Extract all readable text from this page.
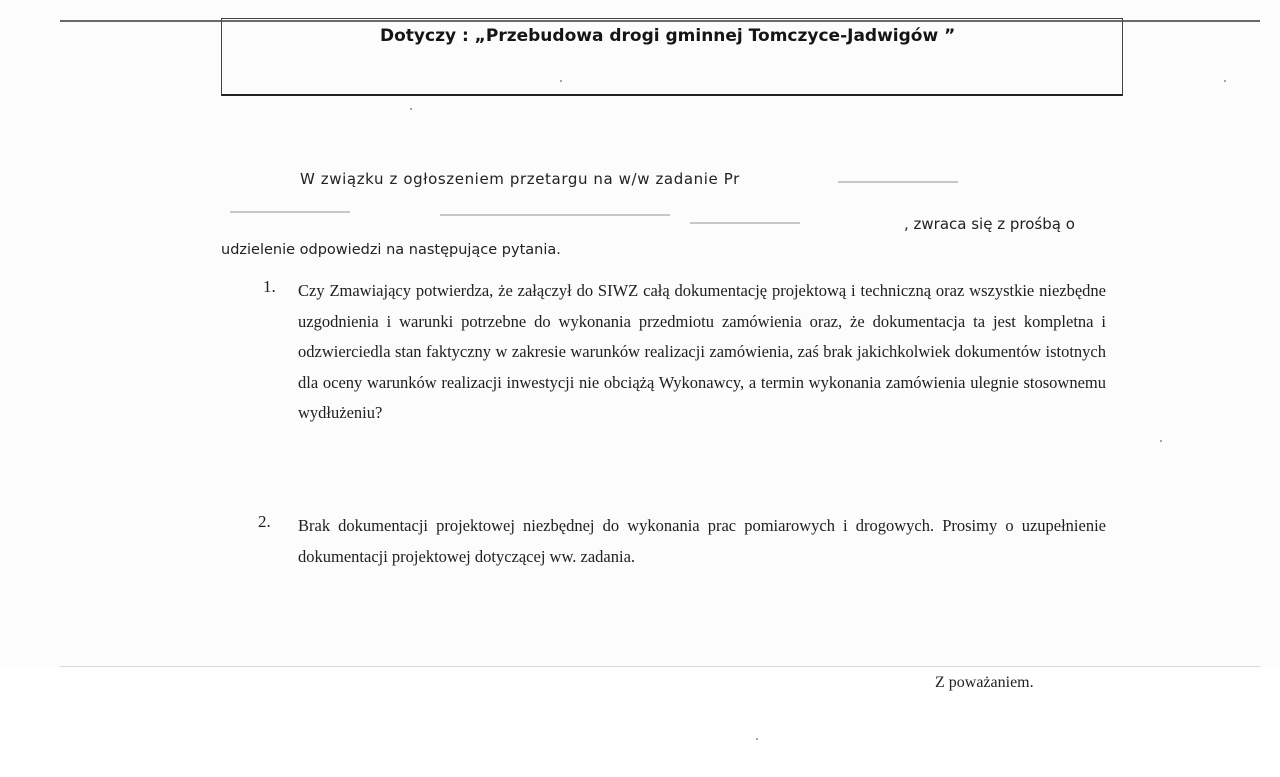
Dotyczy : „Przebudowa drogi gminnej Tomczyce-Jadwigów ”
W związku z ogłoszeniem przetargu na w/w zadanie Pr
, zwraca się z prośbą o
udzielenie odpowiedzi na następujące pytania.
1. Czy Zmawiający potwierdza, że załączył do SIWZ całą dokumentację projektową i techniczną oraz wszystkie niezbędne uzgodnienia i warunki potrzebne do wykonania przedmiotu zamówienia oraz, że dokumentacja ta jest kompletna i odzwierciedla stan faktyczny w zakresie warunków realizacji zamówienia, zaś brak jakichkolwiek dokumentów istotnych dla oceny warunków realizacji inwestycji nie obciążą Wykonawcy, a termin wykonania zamówienia ulegnie stosownemu wydłużeniu?
2. Brak dokumentacji projektowej niezbędnej do wykonania prac pomiarowych i drogowych. Prosimy o uzupełnienie dokumentacji projektowej dotyczącej ww. zadania.
Z poważaniem.
